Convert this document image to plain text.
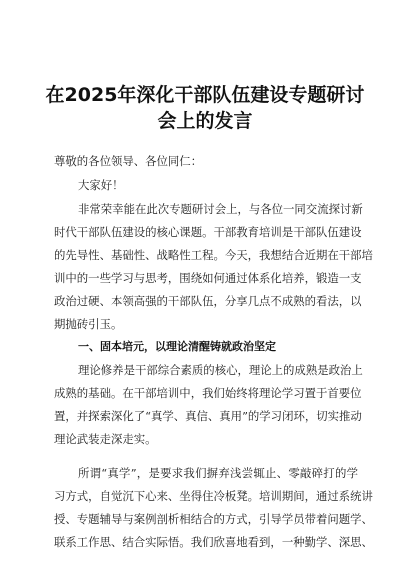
在2025年深化干部队伍建设专题研讨
会上的发言

尊敬的各位领导、各位同仁：

大家好！

非常荣幸能在此次专题研讨会上，与各位一同交流探讨新

时代干部队伍建设的核心课题。干部教育培训是干部队伍建设

的先导性、基础性、战略性工程。今天，我想结合近期在干部培

训中的一些学习与思考，围绕如何通过体系化培养，锻造一支

政治过硬、本领高强的干部队伍，分享几点不成熟的看法，以

期抛砖引玉。

一、固本培元，以理论清醒铸就政治坚定

理论修养是干部综合素质的核心，理论上的成熟是政治上

成熟的基础。在干部培训中，我们始终将理论学习置于首要位

置，并探索深化了“真学、真信、真用”的学习闭环，切实推动

理论武装走深走实。

所谓“真学”，是要求我们摒弃浅尝辄止、零敲碎打的学

习方式，自觉沉下心来、坐得住冷板凳。培训期间，通过系统讲

授、专题辅导与案例剖析相结合的方式，引导学员带着问题学、

联系工作思、结合实际悟。我们欣喜地看到，一种勤学、深思、
